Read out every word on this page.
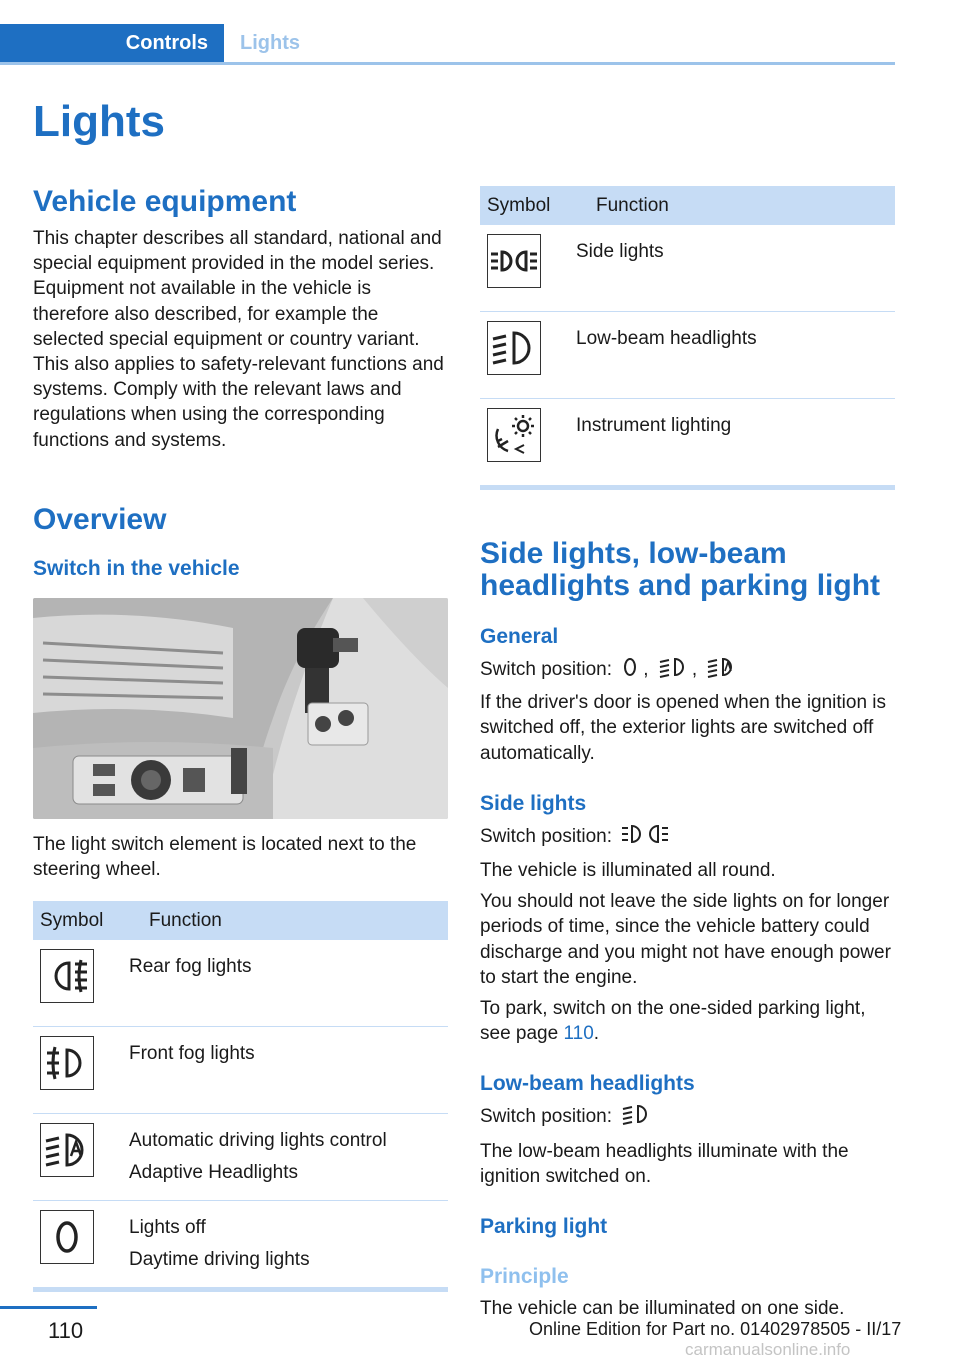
Controls	Lights
Lights
Vehicle equipment

This chapter describes all standard, national and special equipment provided in the model series. Equipment not available in the vehicle is therefore also described, for example the selected special equipment or country variant. This also applies to safety-relevant functions and systems. Comply with the relevant laws and regulations when using the corresponding functions and systems.

Overview
Switch in the vehicle

The light switch element is located next to the steering wheel.

Symbol	Function

Rear fog lights

Front fog lights

Automatic driving lights control
Adaptive Headlights

Lights off
Daytime driving lights
Symbol	Function

Side lights

Low-beam headlights

Instrument lighting
Side lights, low-beam headlights and parking light
General

Switch position: , ,

If the driver's door is opened when the ignition is switched off, the exterior lights are switched off automatically.

Side lights

Switch position:

The vehicle is illuminated all round.

You should not leave the side lights on for longer periods of time, since the vehicle battery could discharge and you might not have enough power to start the engine.

To park, switch on the one-sided parking light, see page 110.

Low-beam headlights

Switch position:

The low-beam headlights illuminate with the ignition switched on.

Parking light
Principle

The vehicle can be illuminated on one side.

110	Online Edition for Part no. 01402978505 - II/17
carmanualsonline.info
